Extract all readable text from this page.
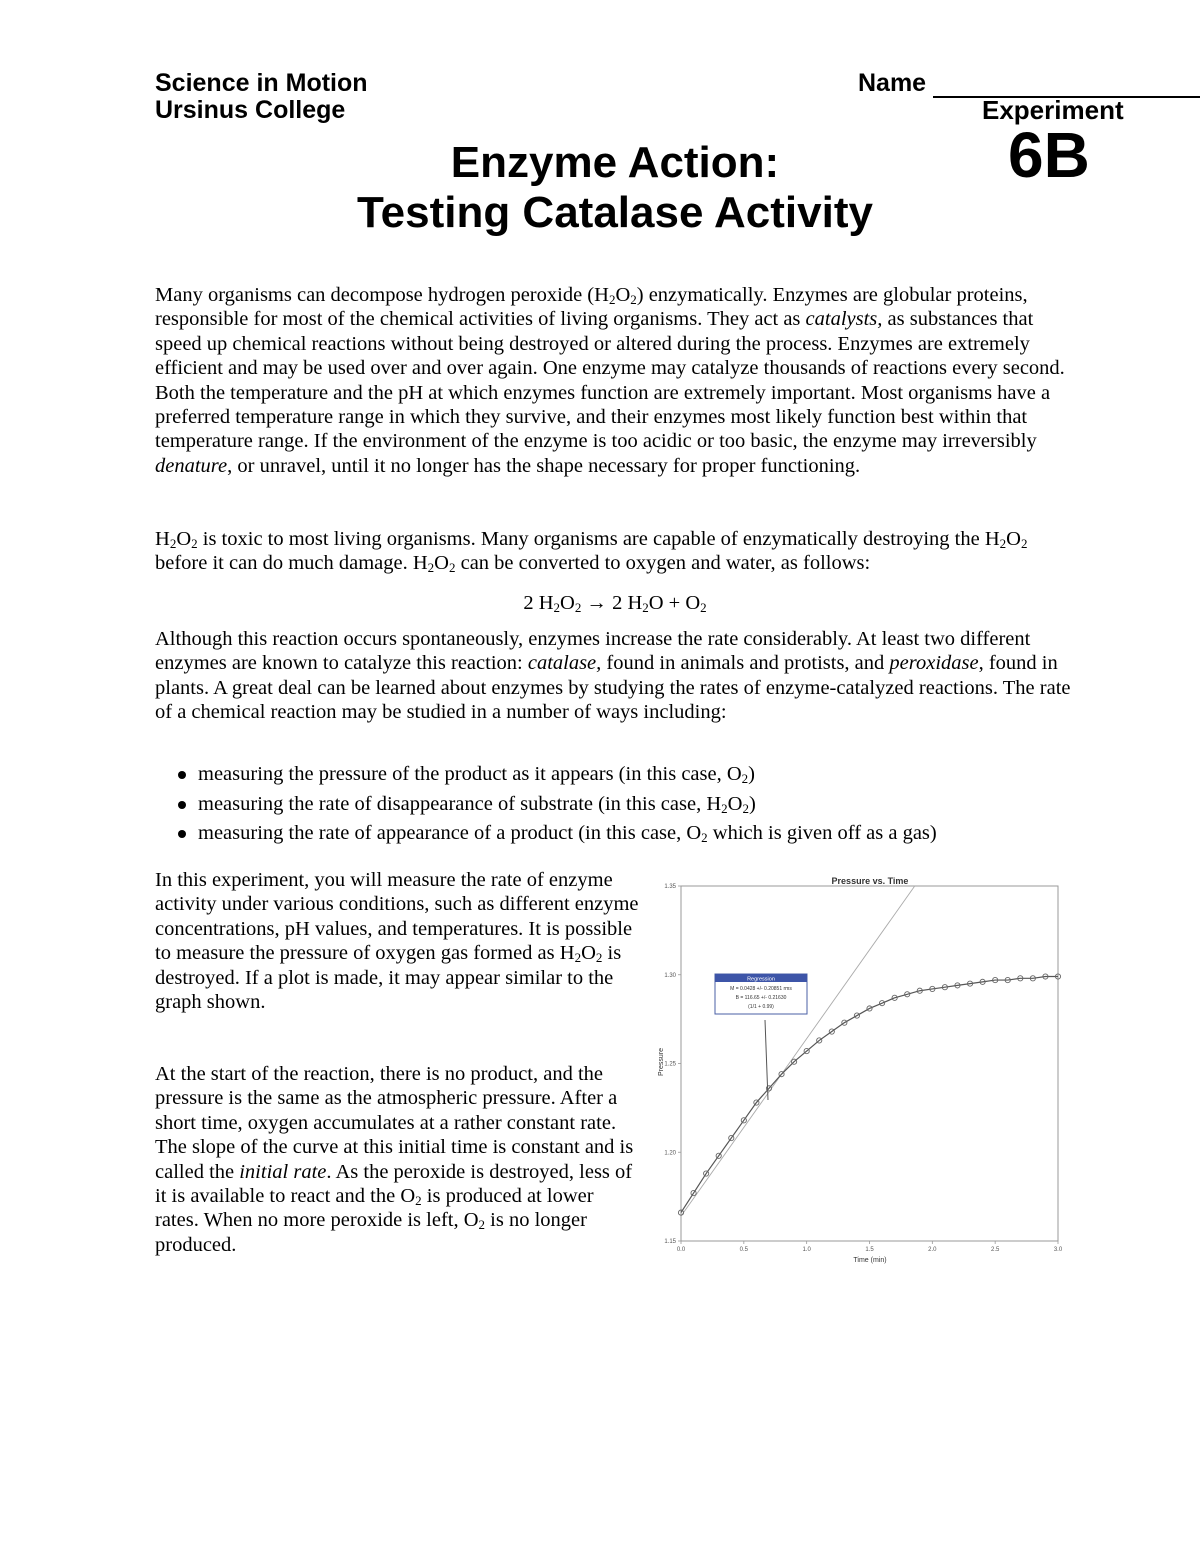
Science in Motion
Ursinus College
Name
Experiment
6B
Enzyme Action:
Testing Catalase Activity

Many organisms can decompose hydrogen peroxide $(H_2O_2)$ enzymatically. Enzymes are globular proteins, responsible for most of the chemical activities of living organisms. They act as catalysts, as substances that speed up chemical reactions without being destroyed or altered during the process. Enzymes are extremely efficient and may be used over and over again. One enzyme may catalyze thousands of reactions every second. Both the temperature and the pH at which enzymes function are extremely important. Most organisms have a preferred temperature range in which they survive, and their enzymes most likely function best within that temperature range. If the environment of the enzyme is too acidic or too basic, the enzyme may irreversibly denature, or unravel, until it no longer has the shape necessary for proper functioning.

$H_2O_2$ is toxic to most living organisms. Many organisms are capable of enzymatically destroying the $H_2O_2$ before it can do much damage. $H_2O_2$ can be converted to oxygen and water, as follows:

2 $H_2O_2 \to 2$ $H_2O + O_2$

Although this reaction occurs spontaneously, enzymes increase the rate considerably. At least two different enzymes are known to catalyze this reaction: catalase, found in animals and protists, and peroxidase, found in plants. A great deal can be learned about enzymes by studying the rates of enzyme-catalyzed reactions. The rate of a chemical reaction may be studied in a number of ways including:

measuring the pressure of the product as it appears (in this case, $O_2$)
measuring the rate of disappearance of substrate (in this case, $H_2O_2$)
measuring the rate of appearance of a product (in this case, $O_2$ which is given off as a gas)
In this experiment, you will measure the rate of enzyme activity under various conditions, such as different enzyme concentrations, pH values, and temperatures. It is possible to measure the pressure of oxygen gas formed as $H_2O_2$ is destroyed. If a plot is made, it may appear similar to the graph shown.
At the start of the reaction, there is no product, and the pressure is the same as the atmospheric pressure. After a short time, oxygen accumulates at a rather constant rate. The slope of the curve at this initial time is constant and is called the initial rate. As the peroxide is destroyed, less of it is available to react and the $O_2$ is produced at lower rates. When no more peroxide is left, $O_2$ is no longer produced.
Pressure vs. Time
Time (min)
Pressure
0.0	0.5	1.0	1.5	2.0	2.5	3.0
1.15
1.20
1.25
1.30
1.35
Regression
M = 0.0428 +/- 0.20851 rms
B = 116.65 +/- 0.21630
(1/1 + 0.99)
